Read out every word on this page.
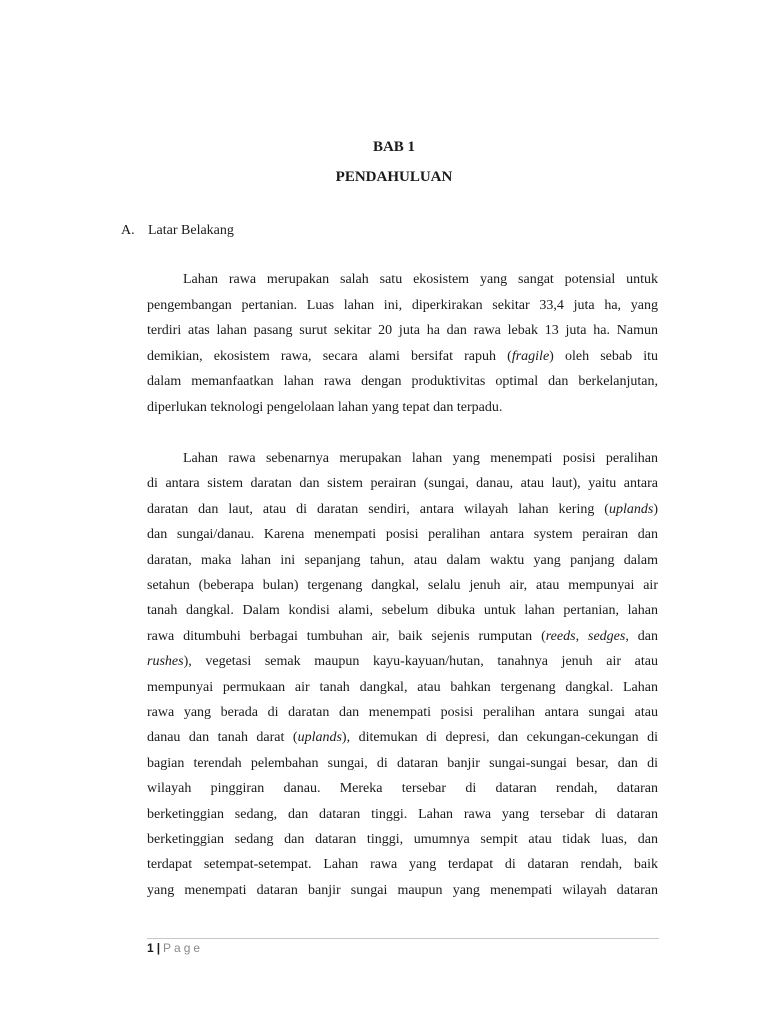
BAB 1
PENDAHULUAN
A. Latar Belakang
Lahan rawa merupakan salah satu ekosistem yang sangat potensial untuk
pengembangan pertanian. Luas lahan ini, diperkirakan sekitar 33,4 juta ha, yang
terdiri atas lahan pasang surut sekitar 20 juta ha dan rawa lebak 13 juta ha. Namun
demikian, ekosistem rawa, secara alami bersifat rapuh (fragile) oleh sebab itu
dalam memanfaatkan lahan rawa dengan produktivitas optimal dan berkelanjutan,
diperlukan teknologi pengelolaan lahan yang tepat dan terpadu.
Lahan rawa sebenarnya merupakan lahan yang menempati posisi peralihan
di antara sistem daratan dan sistem perairan (sungai, danau, atau laut), yaitu antara
daratan dan laut, atau di daratan sendiri, antara wilayah lahan kering (uplands)
dan sungai/danau. Karena menempati posisi peralihan antara system perairan dan
daratan, maka lahan ini sepanjang tahun, atau dalam waktu yang panjang dalam
setahun (beberapa bulan) tergenang dangkal, selalu jenuh air, atau mempunyai air
tanah dangkal. Dalam kondisi alami, sebelum dibuka untuk lahan pertanian, lahan
rawa ditumbuhi berbagai tumbuhan air, baik sejenis rumputan (reeds, sedges, dan
rushes), vegetasi semak maupun kayu-kayuan/hutan, tanahnya jenuh air atau
mempunyai permukaan air tanah dangkal, atau bahkan tergenang dangkal. Lahan
rawa yang berada di daratan dan menempati posisi peralihan antara sungai atau
danau dan tanah darat (uplands), ditemukan di depresi, dan cekungan-cekungan di
bagian terendah pelembahan sungai, di dataran banjir sungai-sungai besar, dan di
wilayah pinggiran danau. Mereka tersebar di dataran rendah, dataran
berketinggian sedang, dan dataran tinggi. Lahan rawa yang tersebar di dataran
berketinggian sedang dan dataran tinggi, umumnya sempit atau tidak luas, dan
terdapat setempat-setempat. Lahan rawa yang terdapat di dataran rendah, baik
yang menempati dataran banjir sungai maupun yang menempati wilayah dataran
1 | Page
